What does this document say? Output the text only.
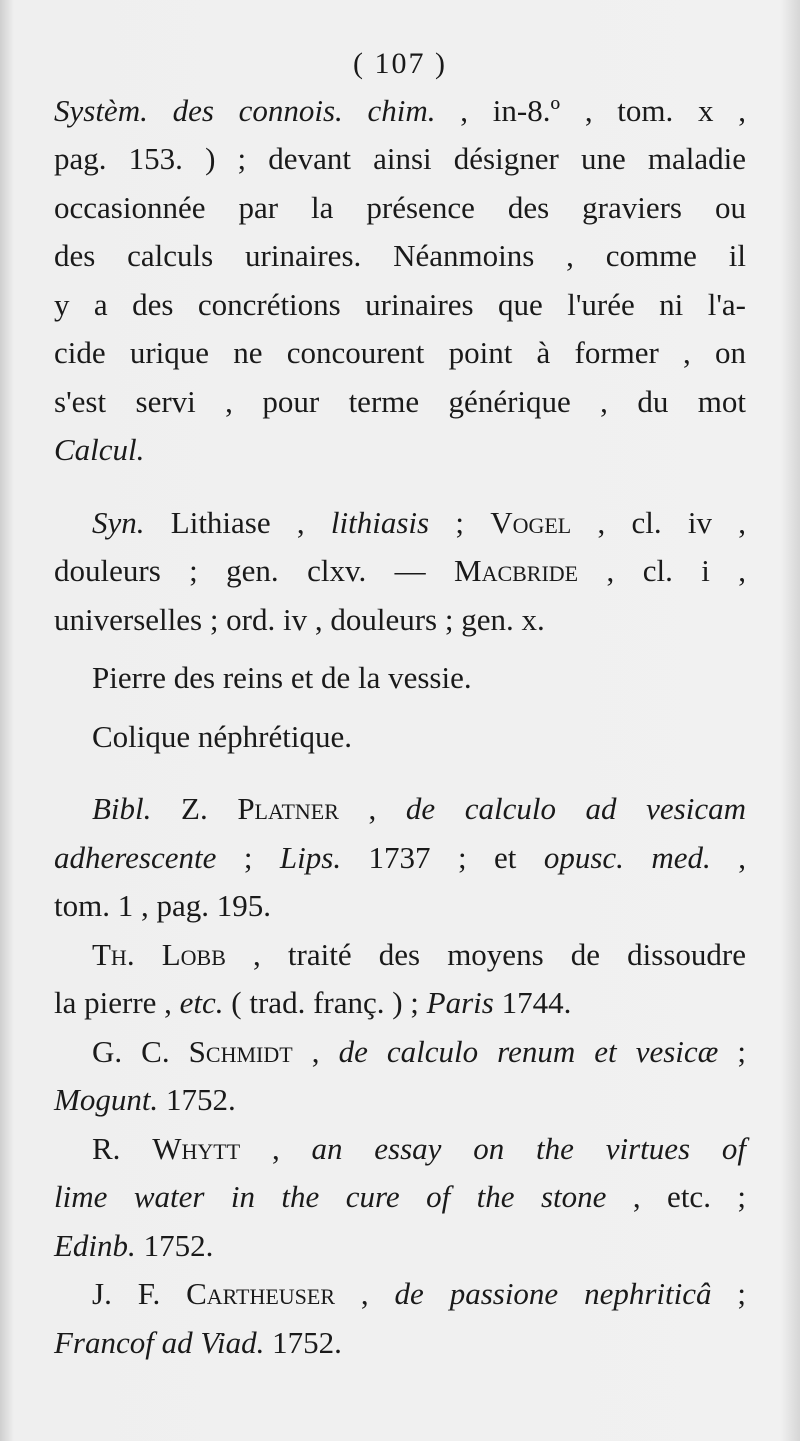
( 107 )
Systèm. des connois. chim. , in-8.º , tom. x ,
pag. 153. ) ; devant ainsi désigner une maladie
occasionnée par la présence des graviers ou
des calculs urinaires. Néanmoins , comme il
y a des concrétions urinaires que l'urée ni l'a-
cide urique ne concourent point à former , on
s'est servi , pour terme générique , du mot
Calcul.
Syn. Lithiase , lithiasis ; Vogel , cl. iv ,
douleurs ; gen. clxv. — Macbride , cl. i ,
universelles ; ord. iv , douleurs ; gen. x.
Pierre des reins et de la vessie.
Colique néphrétique.
Bibl. Z. Platner , de calculo ad vesicam
adherescente ; Lips. 1737 ; et opusc. med. ,
tom. 1 , pag. 195.
Th. Lobb , traité des moyens de dissoudre
la pierre , etc. ( trad. franç. ) ; Paris 1744.
G. C. Schmidt , de calculo renum et vesicæ ;
Mogunt. 1752.
R. Whytt , an essay on the virtues of
lime water in the cure of the stone , etc. ;
Edinb. 1752.
J. F. Cartheuser , de passione nephriticâ ;
Francof ad Viad. 1752.
